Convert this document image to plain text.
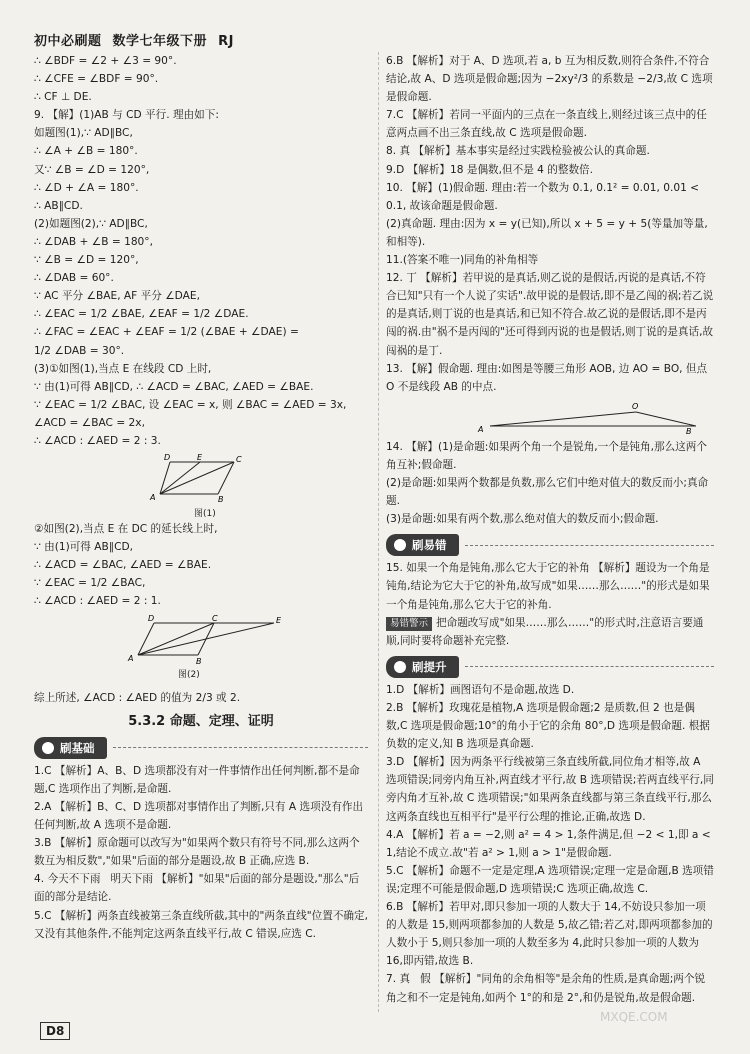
初中必刷题 数学七年级下册 RJ
∴ ∠BDF = ∠2 + ∠3 = 90°.
∴ ∠CFE = ∠BDF = 90°.
∴ CF ⊥ DE.
9. 【解】(1)AB 与 CD 平行. 理由如下:
如题图(1),∵ AD∥BC,
∴ ∠A + ∠B = 180°.
又∵ ∠B = ∠D = 120°,
∴ ∠D + ∠A = 180°.
∴ AB∥CD.
(2)如题图(2),∵ AD∥BC,
∴ ∠DAB + ∠B = 180°,
∵ ∠B = ∠D = 120°,
∴ ∠DAB = 60°.
∵ AC 平分 ∠BAE, AF 平分 ∠DAE,
∴ ∠EAC = 1/2 ∠BAE, ∠EAF = 1/2 ∠DAE.
∴ ∠FAC = ∠EAC + ∠EAF = 1/2 (∠BAE + ∠DAE) =
1/2 ∠DAB = 30°.
(3)①如图(1),当点 E 在线段 CD 上时,
∵ 由(1)可得 AB∥CD, ∴ ∠ACD = ∠BAC, ∠AED = ∠BAE.
∵ ∠EAC = 1/2 ∠BAC, 设 ∠EAC = x, 则 ∠BAC = ∠AED = 3x,
∠ACD = ∠BAC = 2x,
∴ ∠ACD : ∠AED = 2 : 3.
D	E	C
A	B
图(1)
②如图(2),当点 E 在 DC 的延长线上时,
∵ 由(1)可得 AB∥CD,
∴ ∠ACD = ∠BAC, ∠AED = ∠BAE.
∵ ∠EAC = 1/2 ∠BAC,
∴ ∠ACD : ∠AED = 2 : 1.
D	C	E
A	B
图(2)
综上所述, ∠ACD : ∠AED 的值为 2/3 或 2.
5.3.2 命题、定理、证明
刷基础
1.C 【解析】A、B、D 选项都没有对一件事情作出任何判断,都不是命题,C 选项作出了判断,是命题.
2.A 【解析】B、C、D 选项都对事情作出了判断,只有 A 选项没有作出任何判断,故 A 选项不是命题.
3.B 【解析】原命题可以改写为"如果两个数只有符号不同,那么这两个数互为相反数","如果"后面的部分是题设,故 B 正确,应选 B.
4. 今天不下雨   明天下雨 【解析】"如果"后面的部分是题设,"那么"后面的部分是结论.
5.C 【解析】两条直线被第三条直线所截,其中的"两条直线"位置不确定,又没有其他条件,不能判定这两条直线平行,故 C 错误,应选 C.
6.B 【解析】对于 A、D 选项,若 a, b 互为相反数,则符合条件,不符合结论,故 A、D 选项是假命题;因为 −2xy²/3 的系数是 −2/3,故 C 选项是假命题.
7.C 【解析】若同一平面内的三点在一条直线上,则经过该三点中的任意两点画不出三条直线,故 C 选项是假命题.
8. 真 【解析】基本事实是经过实践检验被公认的真命题.
9.D 【解析】18 是偶数,但不是 4 的整数倍.
10. 【解】(1)假命题. 理由:若一个数为 0.1, 0.1² = 0.01, 0.01 < 0.1, 故该命题是假命题.
(2)真命题. 理由:因为 x = y(已知),所以 x + 5 = y + 5(等量加等量,和相等).
11.(答案不唯一)同角的补角相等
12. 丁 【解析】若甲说的是真话,则乙说的是假话,丙说的是真话,不符合已知"只有一个人说了实话".故甲说的是假话,即不是乙闯的祸;若乙说的是真话,则丁说的也是真话,和已知不符合.故乙说的是假话,即不是丙闯的祸.由"祸不是丙闯的"还可得到丙说的也是假话,则丁说的是真话,故闯祸的是丁.
13. 【解】假命题. 理由:如图是等腰三角形 AOB, 边 AO = BO, 但点 O 不是线段 AB 的中点.
O
A	B
14. 【解】(1)是命题:如果两个角一个是锐角,一个是钝角,那么这两个角互补;假命题.
(2)是命题:如果两个数都是负数,那么它们中绝对值大的数反而小;真命题.
(3)是命题:如果有两个数,那么绝对值大的数反而小;假命题.
刷易错
15. 如果一个角是钝角,那么它大于它的补角 【解析】题设为一个角是钝角,结论为它大于它的补角,故写成"如果……那么……"的形式是如果一个角是钝角,那么它大于它的补角.
易错警示 把命题改写成"如果……那么……"的形式时,注意语言要通顺,同时要将命题补充完整.
刷提升
1.D 【解析】画图语句不是命题,故选 D.
2.B 【解析】玫瑰花是植物,A 选项是假命题;2 是质数,但 2 也是偶数,C 选项是假命题;10°的角小于它的余角 80°,D 选项是假命题. 根据负数的定义,知 B 选项是真命题.
3.D 【解析】因为两条平行线被第三条直线所截,同位角才相等,故 A 选项错误;同旁内角互补,两直线才平行,故 B 选项错误;若两直线平行,同旁内角才互补,故 C 选项错误;"如果两条直线都与第三条直线平行,那么这两条直线也互相平行"是平行公理的推论,正确,故选 D.
4.A 【解析】若 a = −2,则 a² = 4 > 1,条件满足,但 −2 < 1,即 a < 1,结论不成立.故"若 a² > 1,则 a > 1"是假命题.
5.C 【解析】命题不一定是定理,A 选项错误;定理一定是命题,B 选项错误;定理不可能是假命题,D 选项错误;C 选项正确,故选 C.
6.B 【解析】若甲对,即只参加一项的人数大于 14,不妨设只参加一项的人数是 15,则两项都参加的人数是 5,故乙错;若乙对,即两项都参加的人数小于 5,则只参加一项的人数至多为 4,此时只参加一项的人数为 16,即丙错,故选 B.
7. 真   假 【解析】"同角的余角相等"是余角的性质,是真命题;两个锐角之和不一定是钝角,如两个 1°的和是 2°,和仍是锐角,故是假命题.
D8
MXQE.COM
